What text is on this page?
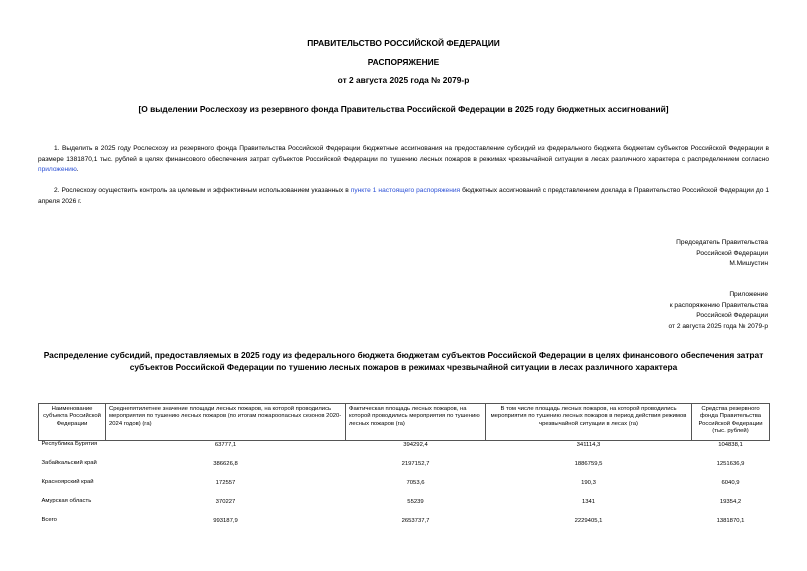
ПРАВИТЕЛЬСТВО РОССИЙСКОЙ ФЕДЕРАЦИИ
РАСПОРЯЖЕНИЕ
от 2 августа 2025 года № 2079-р
[О выделении Рослесхозу из резервного фонда Правительства Российской Федерации в 2025 году бюджетных ассигнований]
1. Выделить в 2025 году Рослесхозу из резервного фонда Правительства Российской Федерации бюджетные ассигнования на предоставление субсидий из федерального бюджета бюджетам субъектов Российской Федерации в размере 1381870,1 тыс. рублей в целях финансового обеспечения затрат субъектов Российской Федерации по тушению лесных пожаров в режимах чрезвычайной ситуации в лесах различного характера с распределением согласно приложению.
2. Рослесхозу осуществить контроль за целевым и эффективным использованием указанных в пункте 1 настоящего распоряжения бюджетных ассигнований с представлением доклада в Правительство Российской Федерации до 1 апреля 2026 г.
Председатель Правительства
Российской Федерации
М.Мишустин
Приложение
к распоряжению Правительства
Российской Федерации
от 2 августа 2025 года № 2079-р
Распределение субсидий, предоставляемых в 2025 году из федерального бюджета бюджетам субъектов Российской Федерации в целях финансового обеспечения затрат субъектов Российской Федерации по тушению лесных пожаров в режимах чрезвычайной ситуации в лесах различного характера
Наименование субъекта Российской Федерации	Среднепятилетнее значение площади лесных пожаров, на которой проводились мероприятия по тушению лесных пожаров (по итогам пожароопасных сезонов 2020-2024 годов) (га)	Фактическая площадь лесных пожаров, на которой проводились мероприятия по тушению лесных пожаров (га)	В том числе площадь лесных пожаров, на которой проводились мероприятия по тушению лесных пожаров в период действия режимов чрезвычайной ситуации в лесах (га)	Средства резервного фонда Правительства Российской Федерации (тыс. рублей)
Республика Бурятия	63777,1	394292,4	341114,3	104838,1
Забайкальский край	386626,8	2197152,7	1886759,5	1251636,9
Красноярский край	172557	7053,6	190,3	6040,9
Амурская область	370227	55239	1341	19354,2
Всего	993187,9	2653737,7	2229405,1	1381870,1
